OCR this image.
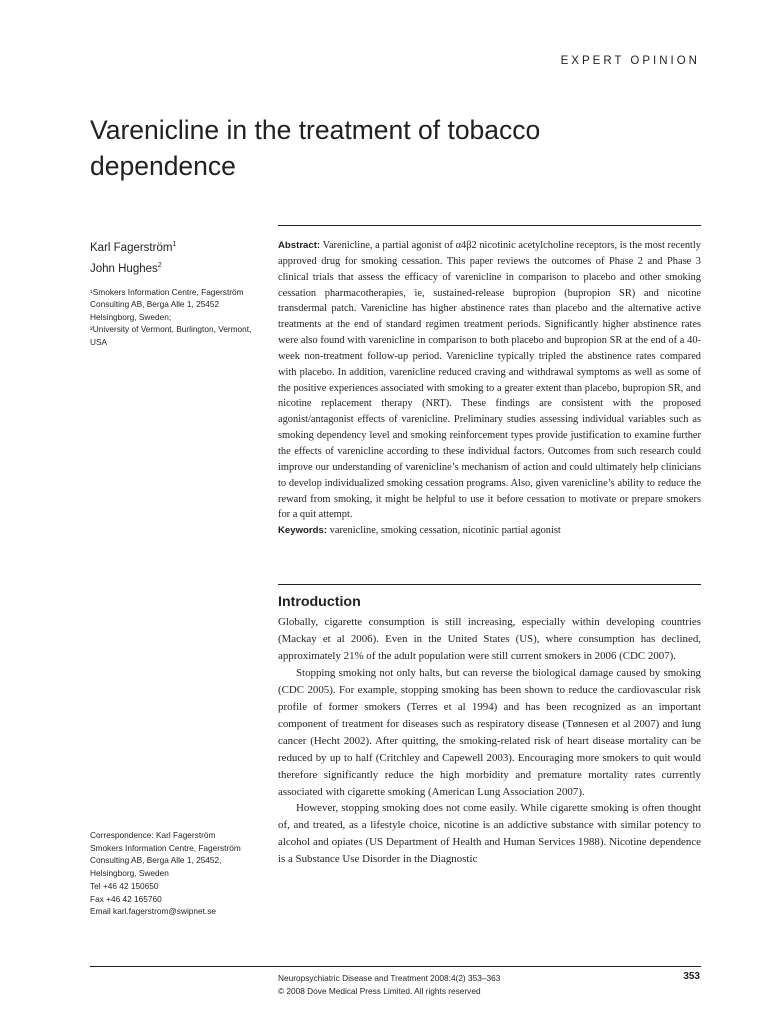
EXPERT OPINION
Varenicline in the treatment of tobacco dependence
Karl Fagerström$^1$
John Hughes$^2$
¹Smokers Information Centre, Fagerström Consulting AB, Berga Alle 1, 25452 Helsingborg, Sweden;
²University of Vermont, Burlington, Vermont, USA
Correspondence: Karl Fagerström
Smokers Information Centre, Fagerström
Consulting AB, Berga Alle 1, 25452,
Helsingborg, Sweden
Tel +46 42 150650
Fax +46 42 165760
Email karl.fagerstrom@swipnet.se
Abstract: Varenicline, a partial agonist of α4β2 nicotinic acetylcholine receptors, is the most recently approved drug for smoking cessation. This paper reviews the outcomes of Phase 2 and Phase 3 clinical trials that assess the efficacy of varenicline in comparison to placebo and other smoking cessation pharmacotherapies, ie, sustained-release bupropion (bupropion SR) and nicotine transdermal patch. Varenicline has higher abstinence rates than placebo and the alternative active treatments at the end of standard regimen treatment periods. Significantly higher abstinence rates were also found with varenicline in comparison to both placebo and bupropion SR at the end of a 40-week non-treatment follow-up period. Varenicline typically tripled the abstinence rates compared with placebo. In addition, varenicline reduced craving and withdrawal symptoms as well as some of the positive experiences associated with smoking to a greater extent than placebo, bupropion SR, and nicotine replacement therapy (NRT). These findings are consistent with the proposed agonist/antagonist effects of varenicline. Preliminary studies assessing individual variables such as smoking dependency level and smoking reinforcement types provide justification to examine further the effects of varenicline according to these individual factors. Outcomes from such research could improve our understanding of varenicline’s mechanism of action and could ultimately help clinicians to develop individualized smoking cessation programs. Also, given varenicline’s ability to reduce the reward from smoking, it might be helpful to use it before cessation to motivate or prepare smokers for a quit attempt.
Keywords: varenicline, smoking cessation, nicotinic partial agonist
Introduction

Globally, cigarette consumption is still increasing, especially within developing countries (Mackay et al 2006). Even in the United States (US), where consumption has declined, approximately 21% of the adult population were still current smokers in 2006 (CDC 2007).

Stopping smoking not only halts, but can reverse the biological damage caused by smoking (CDC 2005). For example, stopping smoking has been shown to reduce the cardiovascular risk profile of former smokers (Terres et al 1994) and has been recognized as an important component of treatment for diseases such as respiratory disease (Tønnesen et al 2007) and lung cancer (Hecht 2002). After quitting, the smoking-related risk of heart disease mortality can be reduced by up to half (Critchley and Capewell 2003). Encouraging more smokers to quit would therefore significantly reduce the high morbidity and premature mortality rates currently associated with cigarette smoking (American Lung Association 2007).

However, stopping smoking does not come easily. While cigarette smoking is often thought of, and treated, as a lifestyle choice, nicotine is an addictive substance with similar potency to alcohol and opiates (US Department of Health and Human Services 1988). Nicotine dependence is a Substance Use Disorder in the Diagnostic

Neuropsychiatric Disease and Treatment 2008:4(2) 353–363
© 2008 Dove Medical Press Limited. All rights reserved
353
